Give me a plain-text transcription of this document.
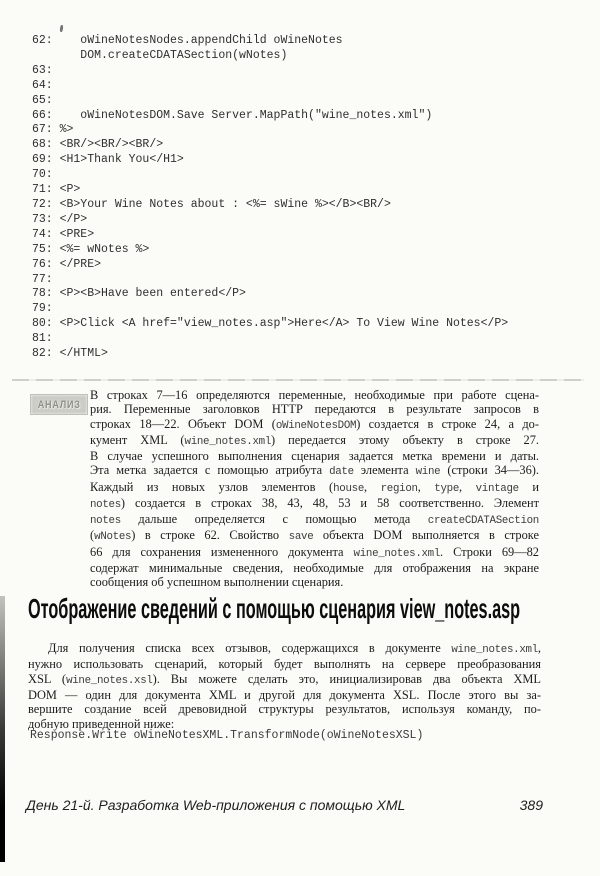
62:    oWineNotesNodes.appendChild oWineNotes
DOM.createCDATASection(wNotes)
63:
64:
65:
66:    oWineNotesDOM.Save Server.MapPath("wine_notes.xml")
67: %>
68: <BR/><BR/><BR/>
69: <H1>Thank You</H1>
70:
71: <P>
72: <B>Your Wine Notes about : <%= sWine %></B><BR/>
73: </P>
74: <PRE>
75: <%= wNotes %>
76: </PRE>
77:
78: <P><B>Have been entered</P>
79:
80: <P>Click <A href="view_notes.asp">Here</A> To View Wine Notes</P>
81:
82: </HTML>
АНАЛИЗ
В строках 7—16 определяются переменные, необходимые при работе сцена-
рия. Переменные заголовков HTTP передаются в результате запросов в
строках 18—22. Объект DOM (oWineNotesDOM) создается в строке 24, а до-
кумент XML (wine_notes.xml) передается этому объекту в строке 27.
В случае успешного выполнения сценария задается метка времени и даты.
Эта метка задается с помощью атрибута date элемента wine (строки 34—36).
Каждый из новых узлов элементов (house, region, type, vintage и
notes) создается в строках 38, 43, 48, 53 и 58 соответственно. Элемент
notes дальше определяется с помощью метода createCDATASection
(wNotes) в строке 62. Свойство save объекта DOM выполняется в строке
66 для сохранения измененного документа wine_notes.xml. Строки 69—82
содержат минимальные сведения, необходимые для отображения на экране
сообщения об успешном выполнении сценария.
Отображение сведений с помощью сценария view_notes.asp
Для получения списка всех отзывов, содержащихся в документе wine_notes.xml,
нужно использовать сценарий, который будет выполнять на сервере преобразования
XSL (wine_notes.xsl). Вы можете сделать это, инициализировав два объекта XML
DOM — один для документа XML и другой для документа XSL. После этого вы за-
вершите создание всей древовидной структуры результатов, используя команду, по-
добную приведенной ниже:
Response.Write oWineNotesXML.TransformNode(oWineNotesXSL)
День 21-й. Разработка Web-приложения с помощью XML	389
